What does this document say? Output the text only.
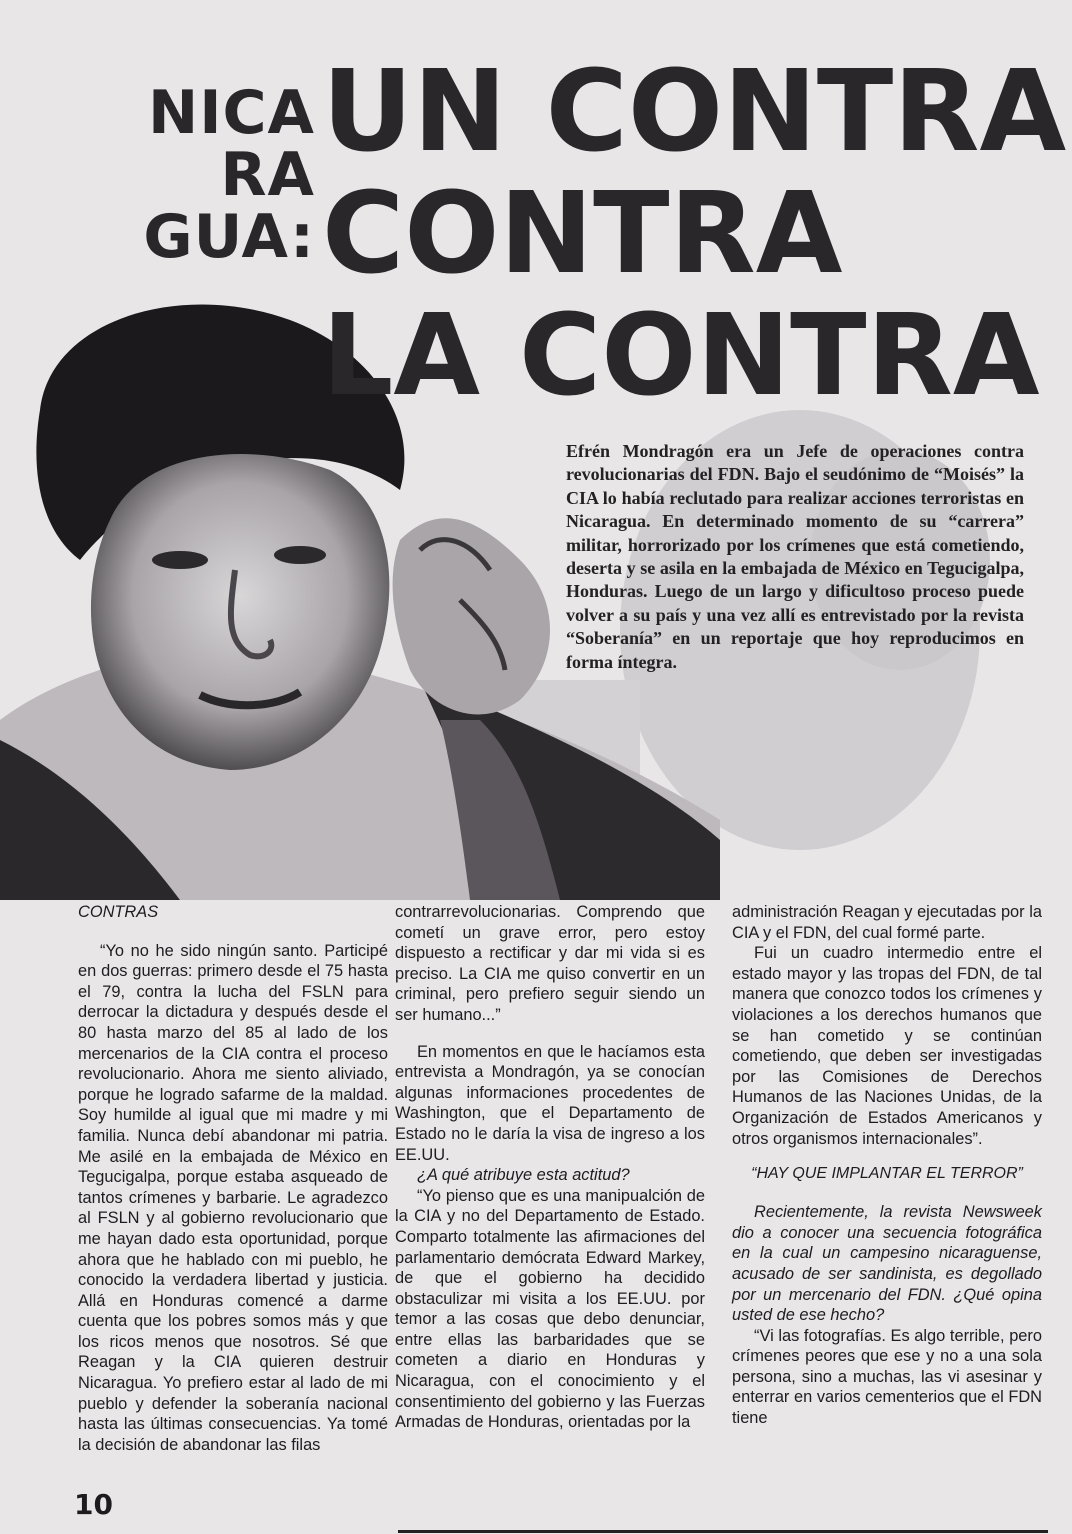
NICA
RA
GUA:
UN CONTRA
CONTRA
LA CONTRA
Efrén Mondragón era un Jefe de operaciones contra revolucionarias del FDN. Bajo el seudónimo de “Moisés” la CIA lo había reclutado para realizar acciones terroristas en Nicaragua. En determinado momento de su “carrera” militar, horrorizado por los crímenes que está cometiendo, deserta y se asila en la embajada de México en Tegucigalpa, Honduras. Luego de un largo y dificultoso proceso puede volver a su país y una vez allí es entrevistado por la revista “Soberanía” en un reportaje que hoy reproducimos en forma íntegra.
CONTRAS

“Yo no he sido ningún santo. Participé en dos guerras: primero desde el 75 hasta el 79, contra la lucha del FSLN para derrocar la dictadura y después desde el 80 hasta marzo del 85 al lado de los mercenarios de la CIA contra el proceso revolucionario. Ahora me siento aliviado, porque he logrado safarme de la maldad. Soy humilde al igual que mi madre y mi familia. Nunca debí abandonar mi patria. Me asilé en la embajada de México en Tegucigalpa, porque estaba asqueado de tantos crímenes y barbarie. Le agradezco al FSLN y al gobierno revolucionario que me hayan dado esta oportunidad, porque ahora que he hablado con mi pueblo, he conocido la verdadera libertad y justicia. Allá en Honduras comencé a darme cuenta que los pobres somos más y que los ricos menos que nosotros. Sé que Reagan y la CIA quieren destruir Nicaragua. Yo prefiero estar al lado de mi pueblo y defender la soberanía nacional hasta las últimas consecuencias. Ya tomé la decisión de abandonar las filas

contrarrevolucionarias. Comprendo que cometí un grave error, pero estoy dispuesto a rectificar y dar mi vida si es preciso. La CIA me quiso convertir en un criminal, pero prefiero seguir siendo un ser humano...”

En momentos en que le hacíamos esta entrevista a Mondragón, ya se conocían algunas informaciones procedentes de Washington, que el Departamento de Estado no le daría la visa de ingreso a los EE.UU.

¿A qué atribuye esta actitud?

“Yo pienso que es una manipualción de la CIA y no del Departamento de Estado. Comparto totalmente las afirmaciones del parlamentario demócrata Edward Markey, de que el gobierno ha decidido obstaculizar mi visita a los EE.UU. por temor a las cosas que debo denunciar, entre ellas las barbaridades que se cometen a diario en Honduras y Nicaragua, con el conocimiento y el consentimiento del gobierno y las Fuerzas Armadas de Honduras, orientadas por la

administración Reagan y ejecutadas por la CIA y el FDN, del cual formé parte.

Fui un cuadro intermedio entre el estado mayor y las tropas del FDN, de tal manera que conozco todos los crímenes y violaciones a los derechos humanos que se han cometido y se continúan cometiendo, que deben ser investigadas por las Comisiones de Derechos Humanos de las Naciones Unidas, de la Organización de Estados Americanos y otros organismos internacionales”.

“HAY QUE IMPLANTAR EL TERROR”

Recientemente, la revista Newsweek dio a conocer una secuencia fotográfica en la cual un campesino nicaraguense, acusado de ser sandinista, es degollado por un mercenario del FDN. ¿Qué opina usted de ese hecho?

“Vi las fotografías. Es algo terrible, pero crímenes peores que ese y no a una sola persona, sino a muchas, las vi asesinar y enterrar en varios cementerios que el FDN tiene

10
